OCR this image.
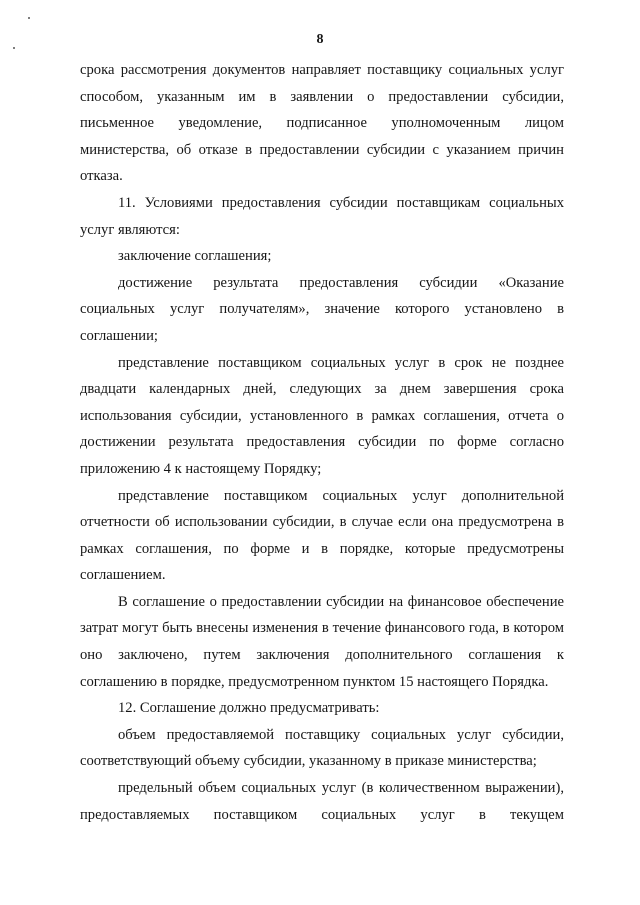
8

срока рассмотрения документов направляет поставщику социальных услуг способом, указанным им в заявлении о предоставлении субсидии, письменное уведомление, подписанное уполномоченным лицом министерства, об отказе в предоставлении субсидии с указанием причин отказа.

11. Условиями предоставления субсидии поставщикам социальных услуг являются:

заключение соглашения;

достижение результата предоставления субсидии «Оказание социальных услуг получателям», значение которого установлено в соглашении;

представление поставщиком социальных услуг в срок не позднее двадцати календарных дней, следующих за днем завершения срока использования субсидии, установленного в рамках соглашения, отчета о достижении результата предоставления субсидии по форме согласно приложению 4 к настоящему Порядку;

представление поставщиком социальных услуг дополнительной отчетности об использовании субсидии, в случае если она предусмотрена в рамках соглашения, по форме и в порядке, которые предусмотрены соглашением.

В соглашение о предоставлении субсидии на финансовое обеспечение затрат могут быть внесены изменения в течение финансового года, в котором оно заключено, путем заключения дополнительного соглашения к соглашению в порядке, предусмотренном пунктом 15 настоящего Порядка.

12. Соглашение должно предусматривать:

объем предоставляемой поставщику социальных услуг субсидии, соответствующий объему субсидии, указанному в приказе министерства;

предельный объем социальных услуг (в количественном выражении), предоставляемых поставщиком социальных услуг в текущем
